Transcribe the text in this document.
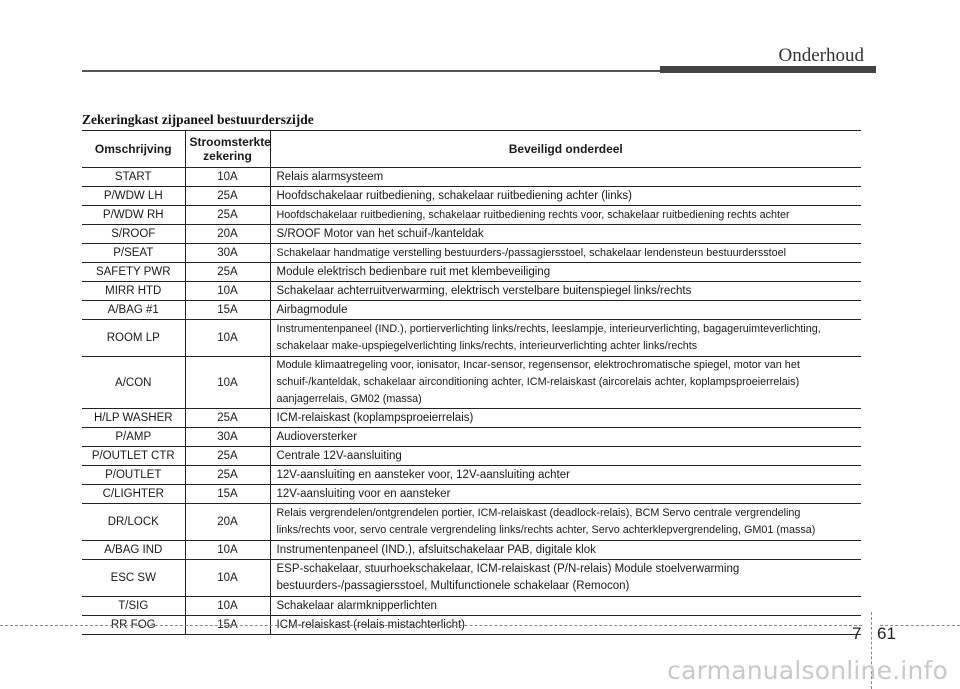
Onderhoud
Zekeringkast zijpaneel bestuurderszijde
Omschrijving	Stroomsterkte zekering	Beveiligd onderdeel
START	10A	Relais alarmsysteem
P/WDW LH	25A	Hoofdschakelaar ruitbediening, schakelaar ruitbediening achter (links)
P/WDW RH	25A	Hoofdschakelaar ruitbediening, schakelaar ruitbediening rechts voor, schakelaar ruitbediening rechts achter
S/ROOF	20A	S/ROOF Motor van het schuif-/kanteldak
P/SEAT	30A	Schakelaar handmatige verstelling bestuurders-/passagiersstoel, schakelaar lendensteun bestuurdersstoel
SAFETY PWR	25A	Module elektrisch bedienbare ruit met klembeveiliging
MIRR HTD	10A	Schakelaar achterruitverwarming, elektrisch verstelbare buitenspiegel links/rechts
A/BAG #1	15A	Airbagmodule
ROOM LP	10A	Instrumentenpaneel (IND.), portierverlichting links/rechts, leeslampje, interieurverlichting, bagageruimteverlichting, schakelaar make-upspiegelverlichting links/rechts, interieurverlichting achter links/rechts
A/CON	10A	Module klimaatregeling voor, ionisator, Incar-sensor, regensensor, elektrochromatische spiegel, motor van het schuif-/kanteldak, schakelaar airconditioning achter, ICM-relaiskast (aircorelais achter, koplampsproeierrelais) aanjagerrelais, GM02 (massa)
H/LP WASHER	25A	ICM-relaiskast (koplampsproeierrelais)
P/AMP	30A	Audioversterker
P/OUTLET CTR	25A	Centrale 12V-aansluiting
P/OUTLET	25A	12V-aansluiting en aansteker voor, 12V-aansluiting achter
C/LIGHTER	15A	12V-aansluiting voor en aansteker
DR/LOCK	20A	Relais vergrendelen/ontgrendelen portier, ICM-relaiskast (deadlock-relais), BCM Servo centrale vergrendeling links/rechts voor, servo centrale vergrendeling links/rechts achter, Servo achterklepvergrendeling, GM01 (massa)
A/BAG IND	10A	Instrumentenpaneel (IND.), afsluitschakelaar PAB, digitale klok
ESC SW	10A	ESP-schakelaar, stuurhoekschakelaar, ICM-relaiskast (P/N-relais) Module stoelverwarming bestuurders-/passagiersstoel, Multifunctionele schakelaar (Remocon)
T/SIG	10A	Schakelaar alarmknipperlichten
RR FOG	15A	ICM-relaiskast (relais mistachterlicht)	7 61
carmanualsonline.info
